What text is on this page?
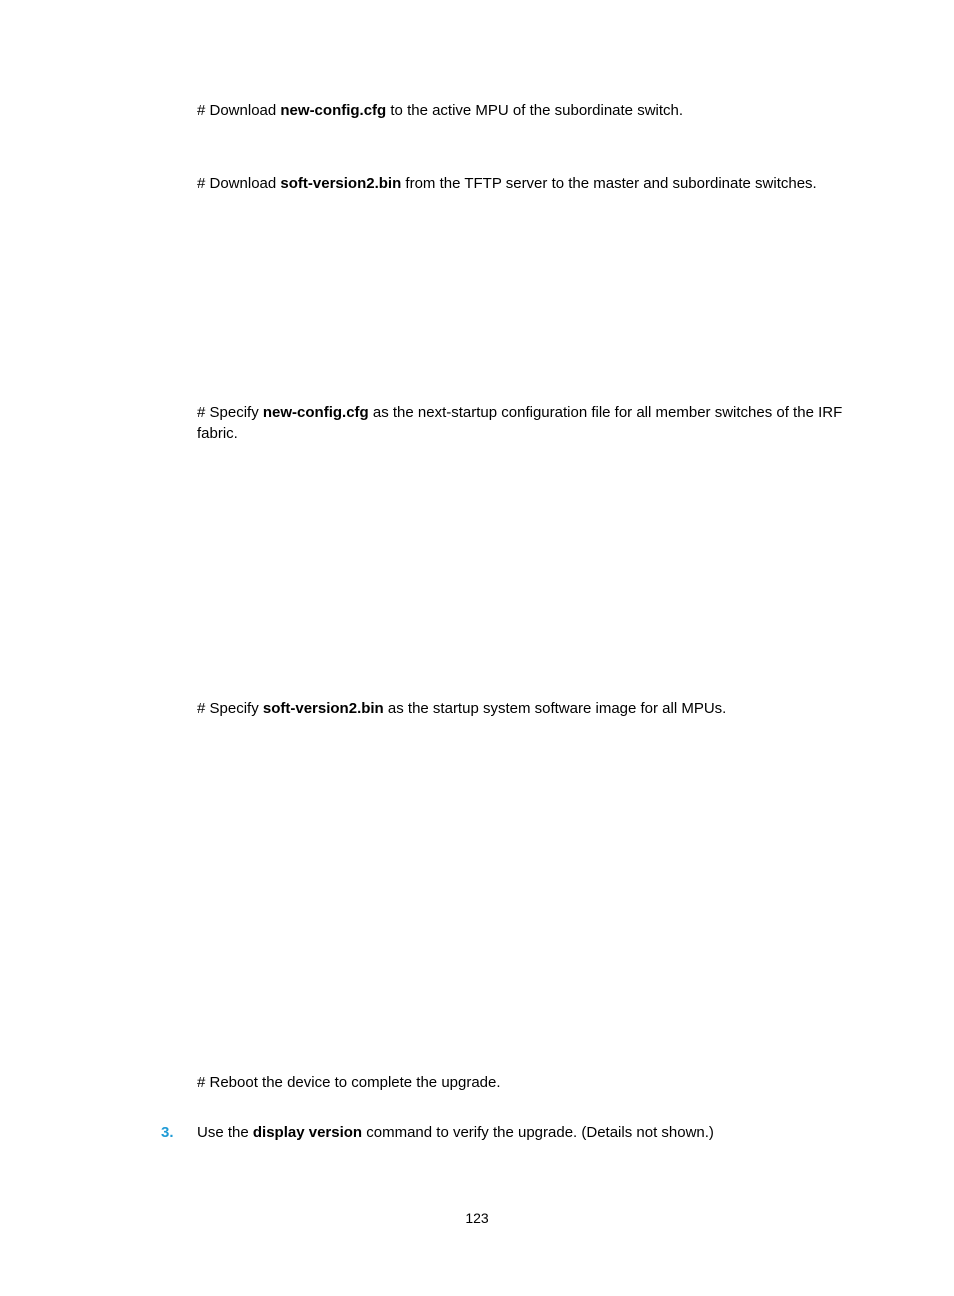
# Download new-config.cfg to the active MPU of the subordinate switch.
# Download soft-version2.bin from the TFTP server to the master and subordinate switches.
# Specify new-config.cfg as the next-startup configuration file for all member switches of the IRF fabric.
# Specify soft-version2.bin as the startup system software image for all MPUs.
# Reboot the device to complete the upgrade.
3. Use the display version command to verify the upgrade. (Details not shown.)
123
